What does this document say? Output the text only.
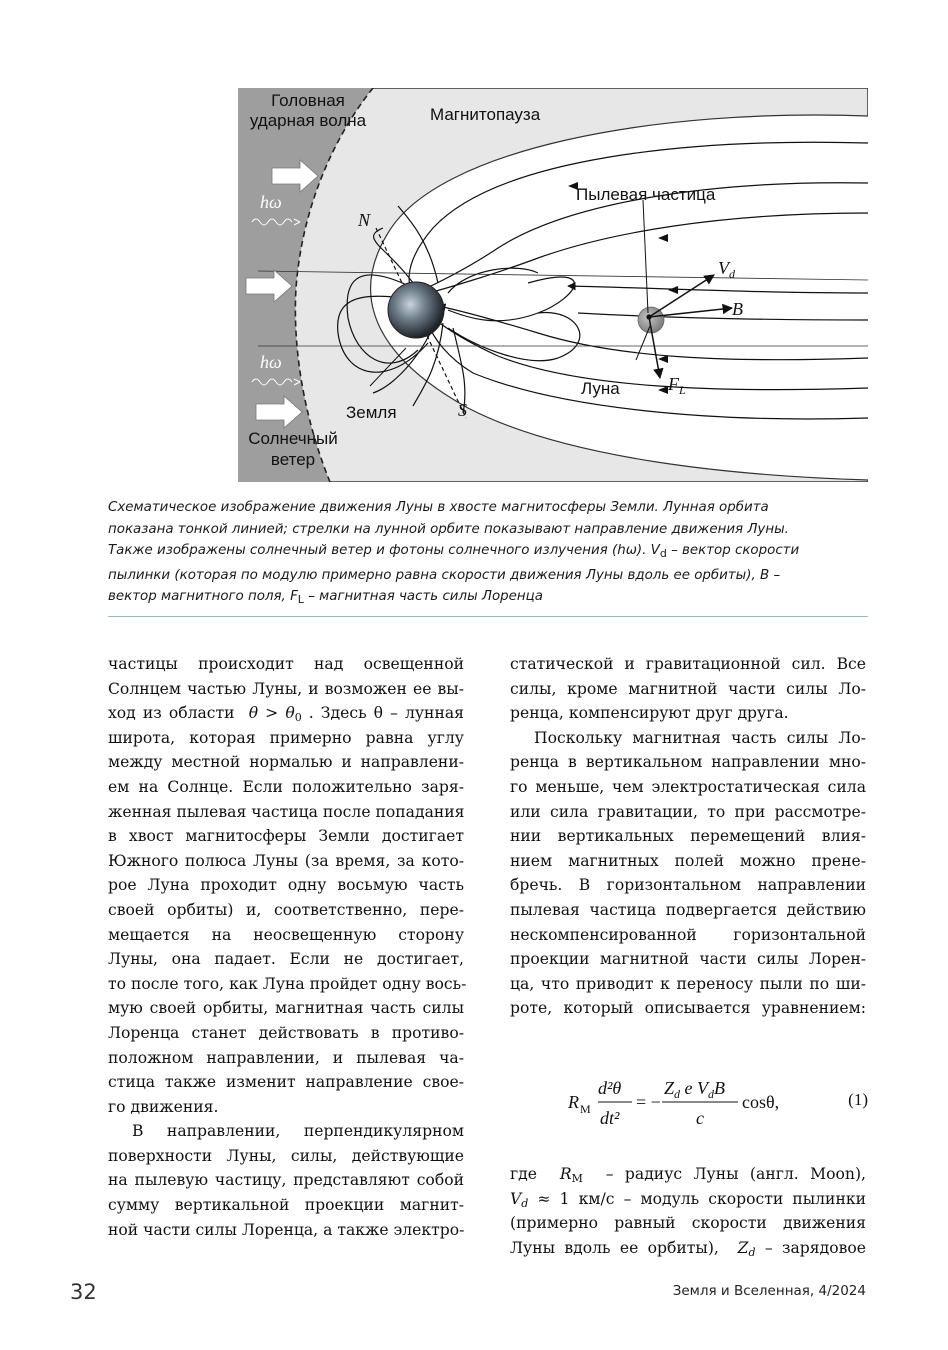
Головная
ударная волна	Магнитопауза
Пылевая частица
hω
hω
N
S
$V_d$
B
$F_L$
Луна
Земля
Солнечный
ветер

Схематическое изображение движения Луны в хвосте магнитосферы Земли. Лунная орбита

показана тонкой линией; стрелки на лунной орбите показывают направление движения Луны.

Также изображены солнечный ветер и фотоны солнечного излучения (hω). $V_d$ – вектор скорости

пылинки (которая по модулю примерно равна скорости движения Луны вдоль ее орбиты), B –

вектор магнитного поля, $F_L$ – магнитная часть силы Лоренца

частицы происходит над освещенной
Солнцем частью Луны, и возможен ее вы-
ход из области $\theta > \theta_0$ . Здесь θ – лунная
широта, которая примерно равна углу
между местной нормалью и направлени-
ем на Солнце. Если положительно заря-
женная пылевая частица после попадания
в хвост магнитосферы Земли достигает
Южного полюса Луны (за время, за кото-
рое Луна проходит одну восьмую часть
своей орбиты) и, соответственно, пере-
мещается на неосвещенную сторону
Луны, она падает. Если не достигает,
то после того, как Луна пройдет одну вось-
мую своей орбиты, магнитная часть силы
Лоренца станет действовать в противо-
положном направлении, и пылевая ча-
стица также изменит направление свое-
го движения.
В направлении, перпендикулярном
поверхности Луны, силы, действующие
на пылевую частицу, представляют собой
сумму вертикальной проекции магнит-
ной части силы Лоренца, а также электро-
статической и гравитационной сил. Все
силы, кроме магнитной части силы Ло-
ренца, компенсируют друг друга.
Поскольку магнитная часть силы Ло-
ренца в вертикальном направлении мно-
го меньше, чем электростатическая сила
или сила гравитации, то при рассмотре-
нии вертикальных перемещений влия-
нием магнитных полей можно прене-
бречь. В горизонтальном направлении
пылевая частица подвергается действию
нескомпенсированной горизонтальной
проекции магнитной части силы Лорен-
ца, что приводит к переносу пыли по ши-
роте, который описывается уравнением:
R M
d²θ
dt²
= −
$Z_d$ e $V_dB$
c
cosθ,	(1)
где $R_M$ – радиус Луны (англ. Moon),
$V_d \approx 1$ км/с – модуль скорости пылинки
(примерно равный скорости движения
Луны вдоль ее орбиты), $Z_d$ – зарядовое
32	Земля и Вселенная, 4/2024
